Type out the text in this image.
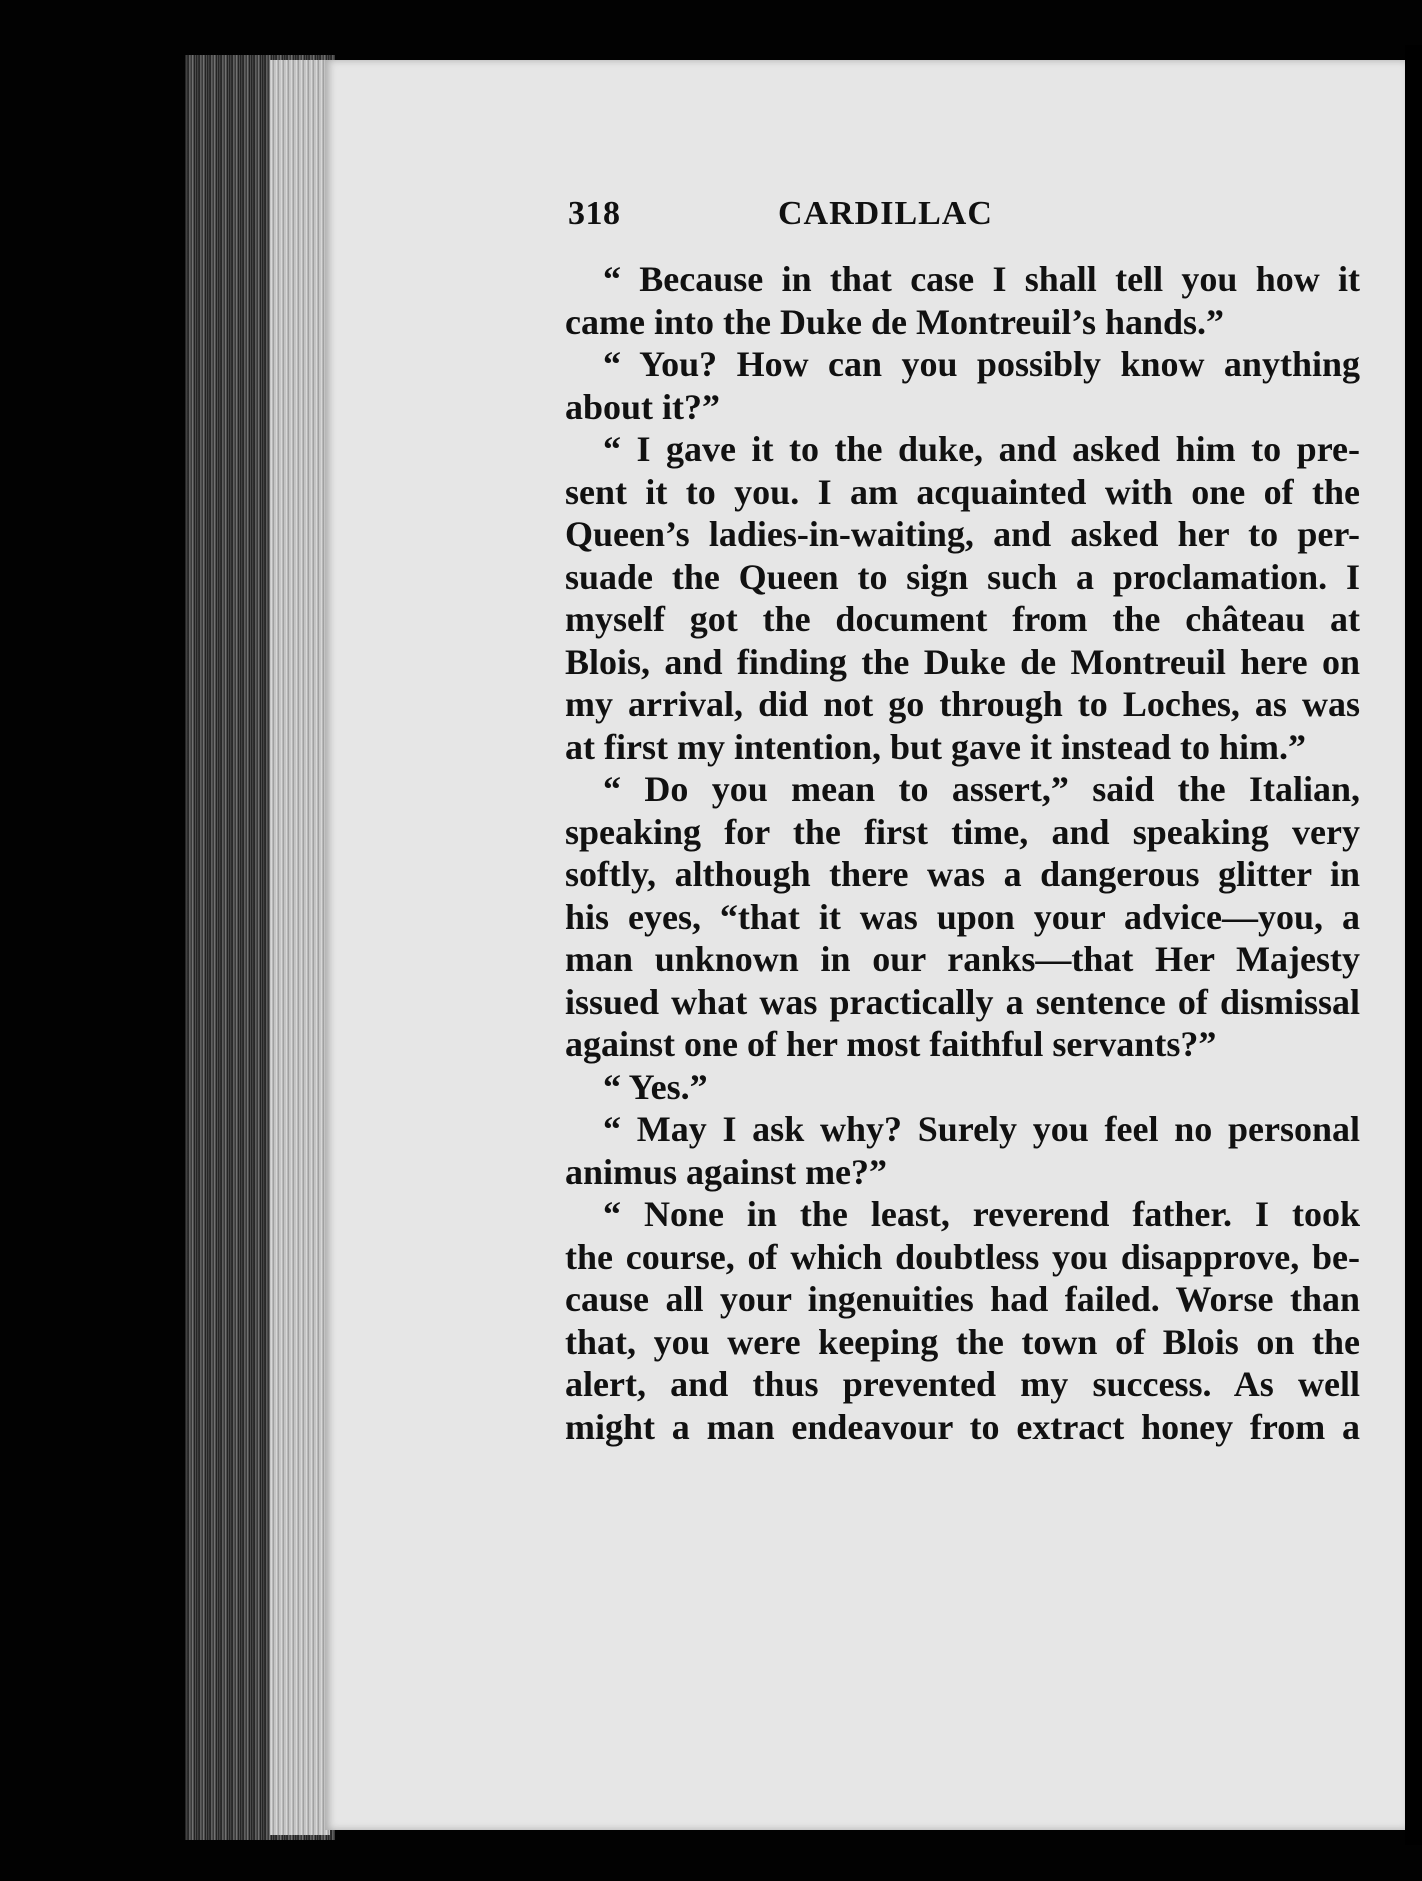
318	CARDILLAC
“ Because in that case I shall tell you how it
came into the Duke de Montreuil’s hands.”
“ You? How can you possibly know anything
about it?”
“ I gave it to the duke, and asked him to pre-
sent it to you. I am acquainted with one of the
Queen’s ladies-in-waiting, and asked her to per-
suade the Queen to sign such a proclamation. I
myself got the document from the château at
Blois, and finding the Duke de Montreuil here on
my arrival, did not go through to Loches, as was
at first my intention, but gave it instead to him.”
“ Do you mean to assert,” said the Italian,
speaking for the first time, and speaking very
softly, although there was a dangerous glitter in
his eyes, “that it was upon your advice—you, a
man unknown in our ranks—that Her Majesty
issued what was practically a sentence of dismissal
against one of her most faithful servants?”
“ Yes.”
“ May I ask why? Surely you feel no personal
animus against me?”
“ None in the least, reverend father. I took
the course, of which doubtless you disapprove, be-
cause all your ingenuities had failed. Worse than
that, you were keeping the town of Blois on the
alert, and thus prevented my success. As well
might a man endeavour to extract honey from a
